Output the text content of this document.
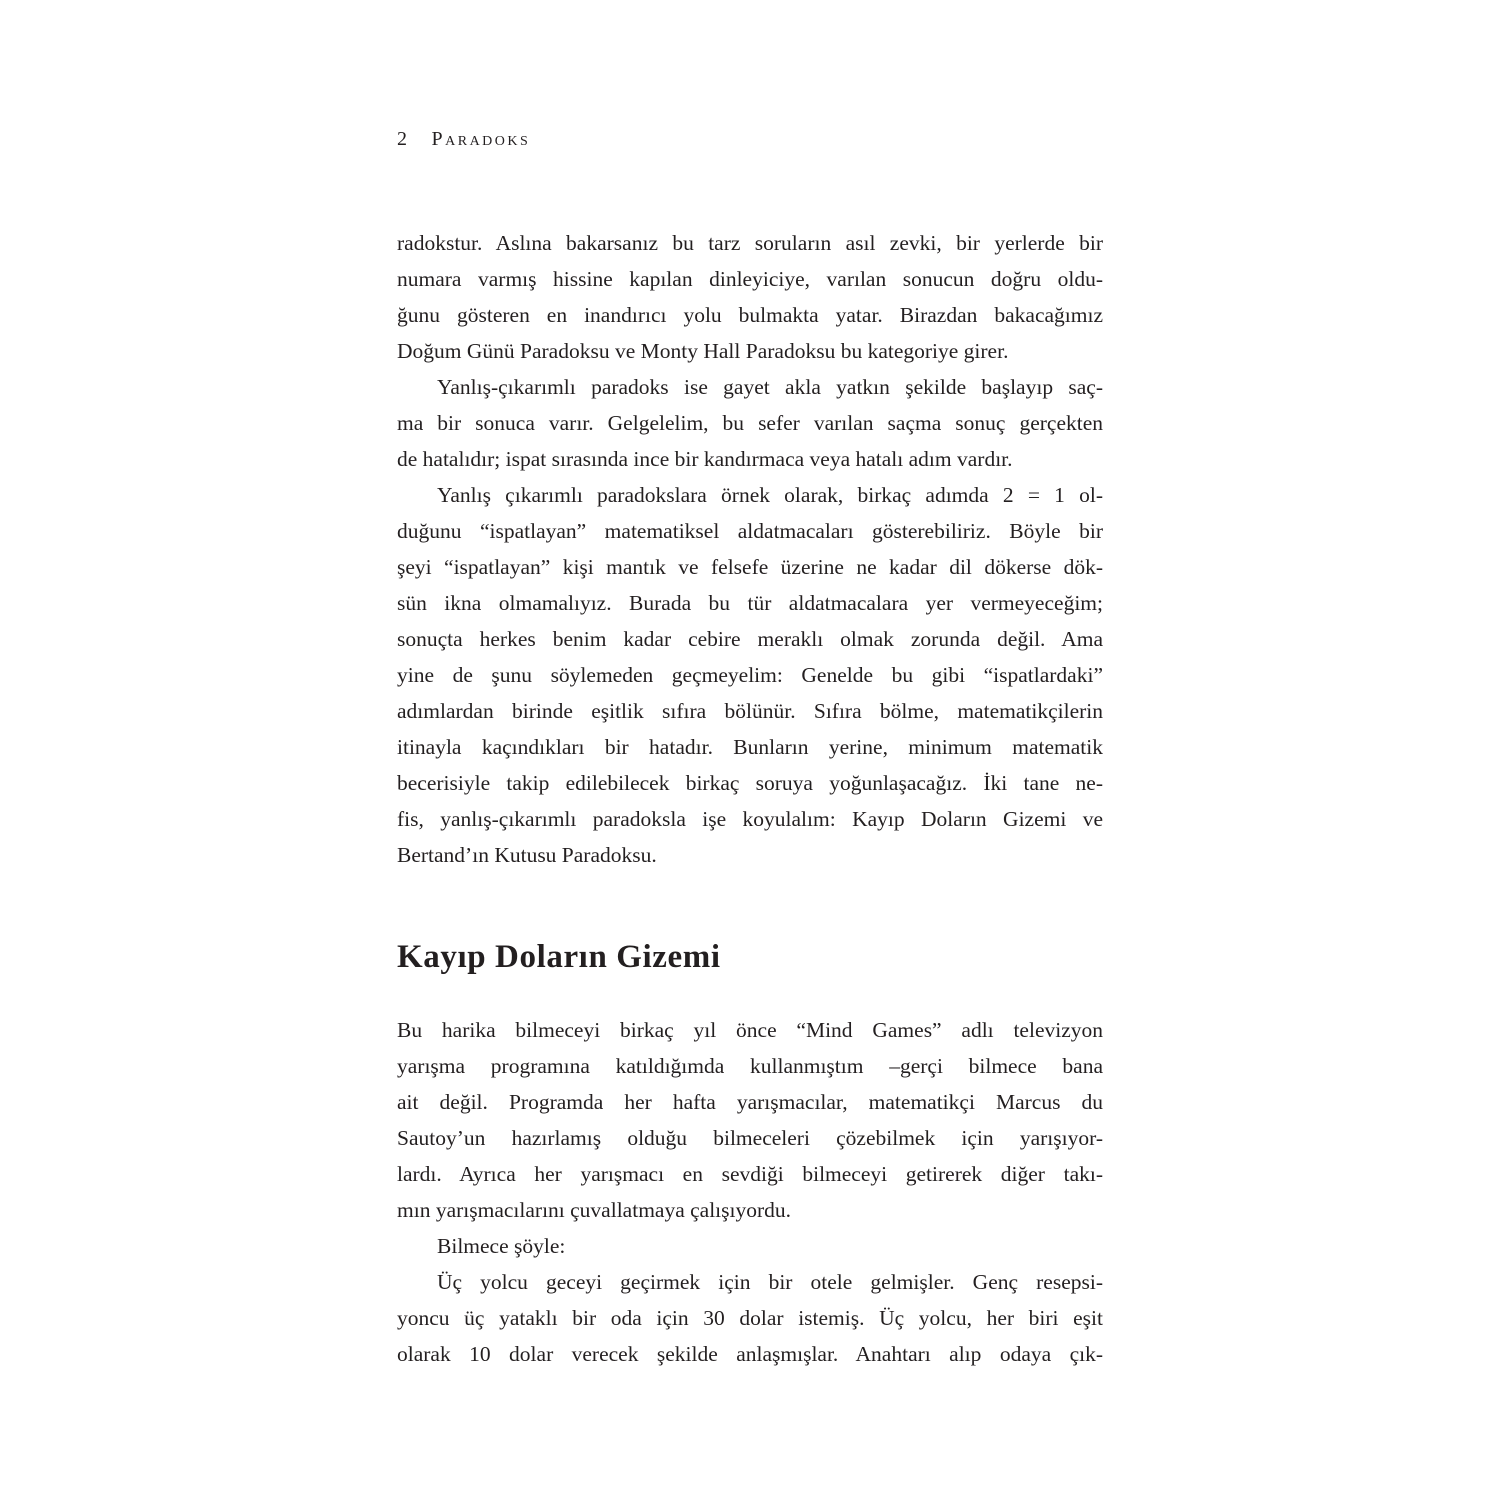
2 Paradoks
radokstur. Aslına bakarsanız bu tarz soruların asıl zevki, bir yerlerde bir
numara varmış hissine kapılan dinleyiciye, varılan sonucun doğru oldu-
ğunu gösteren en inandırıcı yolu bulmakta yatar. Birazdan bakacağımız
Doğum Günü Paradoksu ve Monty Hall Paradoksu bu kategoriye girer.
Yanlış-çıkarımlı paradoks ise gayet akla yatkın şekilde başlayıp saç-
ma bir sonuca varır. Gelgelelim, bu sefer varılan saçma sonuç gerçekten
de hatalıdır; ispat sırasında ince bir kandırmaca veya hatalı adım vardır.
Yanlış çıkarımlı paradokslara örnek olarak, birkaç adımda 2 = 1 ol-
duğunu “ispatlayan” matematiksel aldatmacaları gösterebiliriz. Böyle bir
şeyi “ispatlayan” kişi mantık ve felsefe üzerine ne kadar dil dökerse dök-
sün ikna olmamalıyız. Burada bu tür aldatmacalara yer vermeyeceğim;
sonuçta herkes benim kadar cebire meraklı olmak zorunda değil. Ama
yine de şunu söylemeden geçmeyelim: Genelde bu gibi “ispatlardaki”
adımlardan birinde eşitlik sıfıra bölünür. Sıfıra bölme, matematikçilerin
itinayla kaçındıkları bir hatadır. Bunların yerine, minimum matematik
becerisiyle takip edilebilecek birkaç soruya yoğunlaşacağız. İki tane ne-
fis, yanlış-çıkarımlı paradoksla işe koyulalım: Kayıp Doların Gizemi ve
Bertand’ın Kutusu Paradoksu.
Kayıp Doların Gizemi
Bu harika bilmeceyi birkaç yıl önce “Mind Games” adlı televizyon
yarışma programına katıldığımda kullanmıştım –gerçi bilmece bana
ait değil. Programda her hafta yarışmacılar, matematikçi Marcus du
Sautoy’un hazırlamış olduğu bilmeceleri çözebilmek için yarışıyor-
lardı. Ayrıca her yarışmacı en sevdiği bilmeceyi getirerek diğer takı-
mın yarışmacılarını çuvallatmaya çalışıyordu.
Bilmece şöyle:
Üç yolcu geceyi geçirmek için bir otele gelmişler. Genç resepsi-
yoncu üç yataklı bir oda için 30 dolar istemiş. Üç yolcu, her biri eşit
olarak 10 dolar verecek şekilde anlaşmışlar. Anahtarı alıp odaya çık-
